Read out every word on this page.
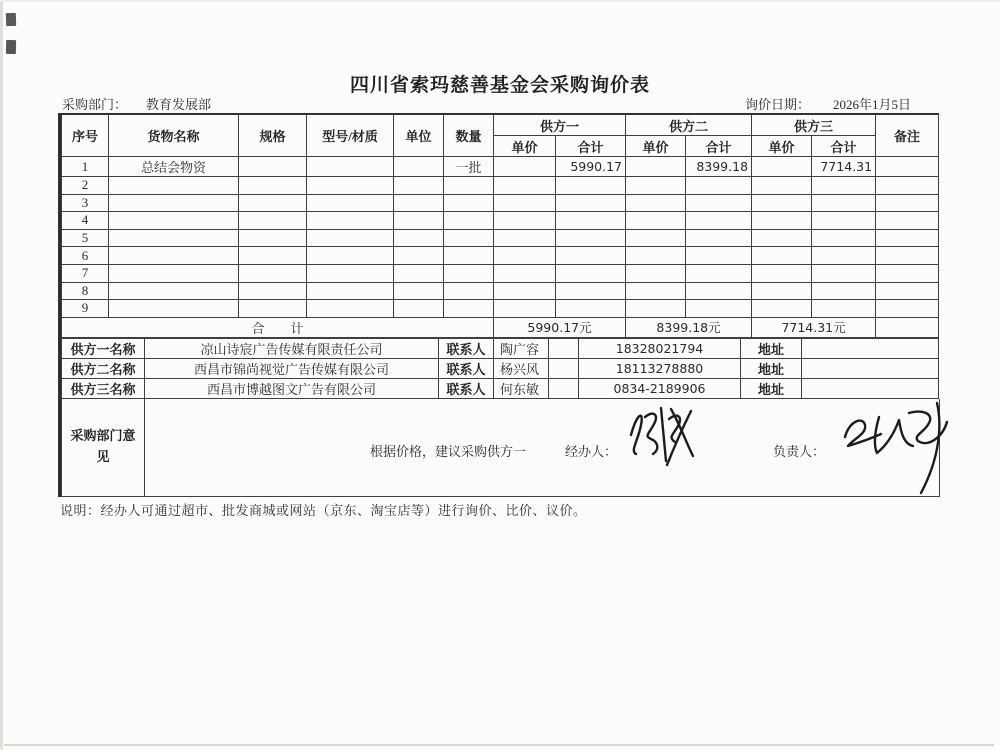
四川省索玛慈善基金会采购询价表
采购部门： 教育发展部	询价日期： 2026年1月5日
序号	货物名称	规格	型号/材质	单位	数量	供方一		供方二		供方三		备注
						单价	合计	单价	合计	单价	合计	
1	总结会物资				一批		5990.17		8399.18		7714.31	
2												
3												
4												
5												
6												
7												
8												
9												
合        计						5990.17元		8399.18元		7714.31元		
供方一名称	凉山诗宸广告传媒有限责任公司	联系人	陶广容		18328021794	地址	
供方二名称	西昌市锦尚视觉广告传媒有限公司	联系人	杨兴风		18113278880	地址	
供方三名称	西昌市博越图文广告有限公司	联系人	何东敏		0834-2189906	地址	
采购部门意见	根据价格，建议采购供方一	经办人：	负责人：
说明：经办人可通过超市、批发商城或网站（京东、淘宝店等）进行询价、比价、议价。
